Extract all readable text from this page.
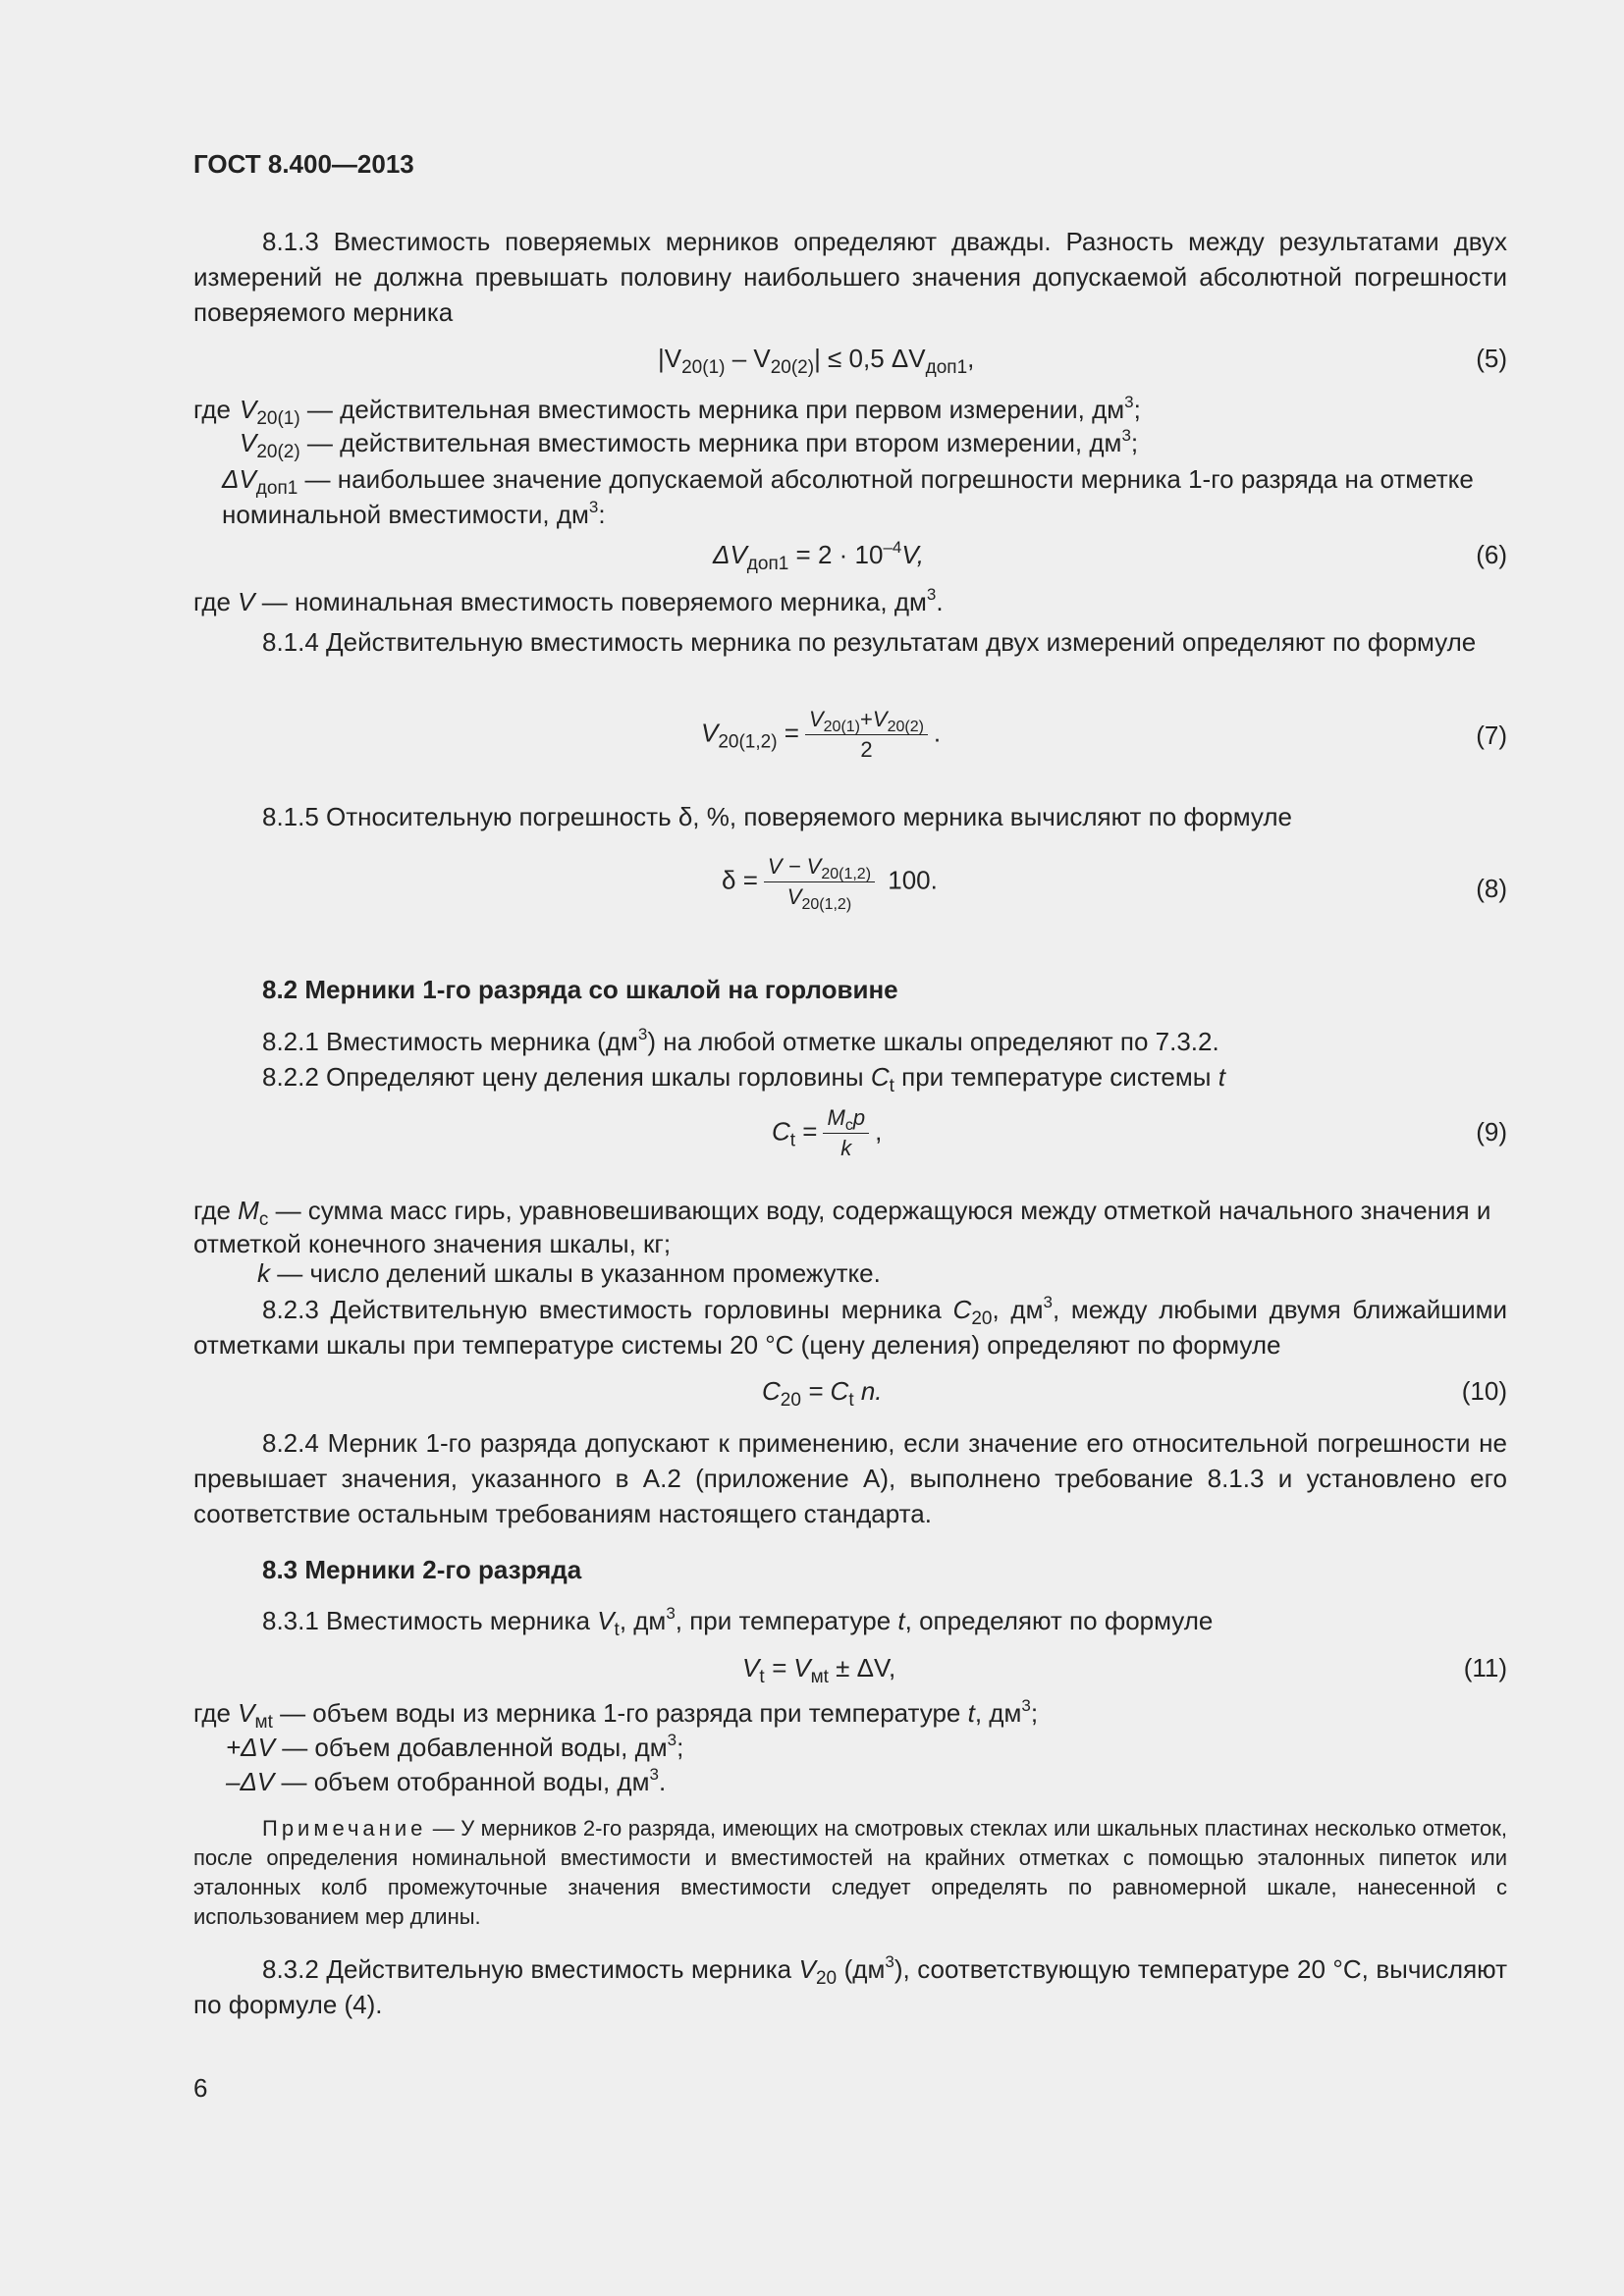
ГОСТ 8.400—2013
8.1.3 Вместимость поверяемых мерников определяют дважды. Разность между результатами двух измерений не должна превышать половину наибольшего значения допускаемой абсолютной погрешности поверяемого мерника
$|V_{20(1)} - V_{20(2)}| \le 0,5$ $\Delta V_{доп1}$,	(5)
где $V_{20(1)}$ — действительная вместимость мерника при первом измерении, $дм^3$;
$V_{20(2)}$ — действительная вместимость мерника при втором измерении, $дм^3$;
$\Delta V_{доп1}$ — наибольшее значение допускаемой абсолютной погрешности мерника 1-го разряда на отметке номинальной вместимости, $дм^3$:
$\Delta V_{доп1} = 2 \cdot 10^{-4}V$,	(6)
где V — номинальная вместимость поверяемого мерника, $дм^3$.
8.1.4 Действительную вместимость мерника по результатам двух измерений определяют по формуле
$V_{20(1,2)} = \frac{V_{20(1)}+V_{20(2)}}{2}$ .	(7)
8.1.5 Относительную погрешность δ, %, поверяемого мерника вычисляют по формуле
$\delta = \frac{V - V_{20(1,2)}}{V_{20(1,2)}} 100$.	(8)
8.2 Мерники 1-го разряда со шкалой на горловине
8.2.1 Вместимость мерника $(дм^3)$ на любой отметке шкалы определяют по 7.3.2.
8.2.2 Определяют цену деления шкалы горловины $C_t$ при температуре системы t
$C_t = \frac{M_cp}{k}$ ,	(9)
где $M_c$ — сумма масс гирь, уравновешивающих воду, содержащуюся между отметкой начального значения и отметкой конечного значения шкалы, кг;
k — число делений шкалы в указанном промежутке.
8.2.3 Действительную вместимость горловины мерника $C_{20}$, $дм^3$, между любыми двумя ближайшими отметками шкалы при температуре системы 20 °С (цену деления) определяют по формуле
$C_{20} = C_t$ n.	(10)
8.2.4 Мерник 1-го разряда допускают к применению, если значение его относительной погрешности не превышает значения, указанного в А.2 (приложение А), выполнено требование 8.1.3 и установлено его соответствие остальным требованиям настоящего стандарта.
8.3 Мерники 2-го разряда
8.3.1 Вместимость мерника $V_t$, $дм^3$, при температуре t, определяют по формуле
$V_t = V_{мt} \pm \Delta V$,	(11)
где $V_{мt}$ — объем воды из мерника 1-го разряда при температуре t, $дм^3$;
+ΔV — объем добавленной воды, $дм^3$;
–ΔV — объем отобранной воды, $дм^3$.
Примечание — У мерников 2-го разряда, имеющих на смотровых стеклах или шкальных пластинах несколько отметок, после определения номинальной вместимости и вместимостей на крайних отметках с помощью эталонных пипеток или эталонных колб промежуточные значения вместимости следует определять по равномерной шкале, нанесенной с использованием мер длины.
8.3.2 Действительную вместимость мерника $V_{20}$ $(дм^3)$, соответствующую температуре 20 °С, вычисляют по формуле (4).
6
